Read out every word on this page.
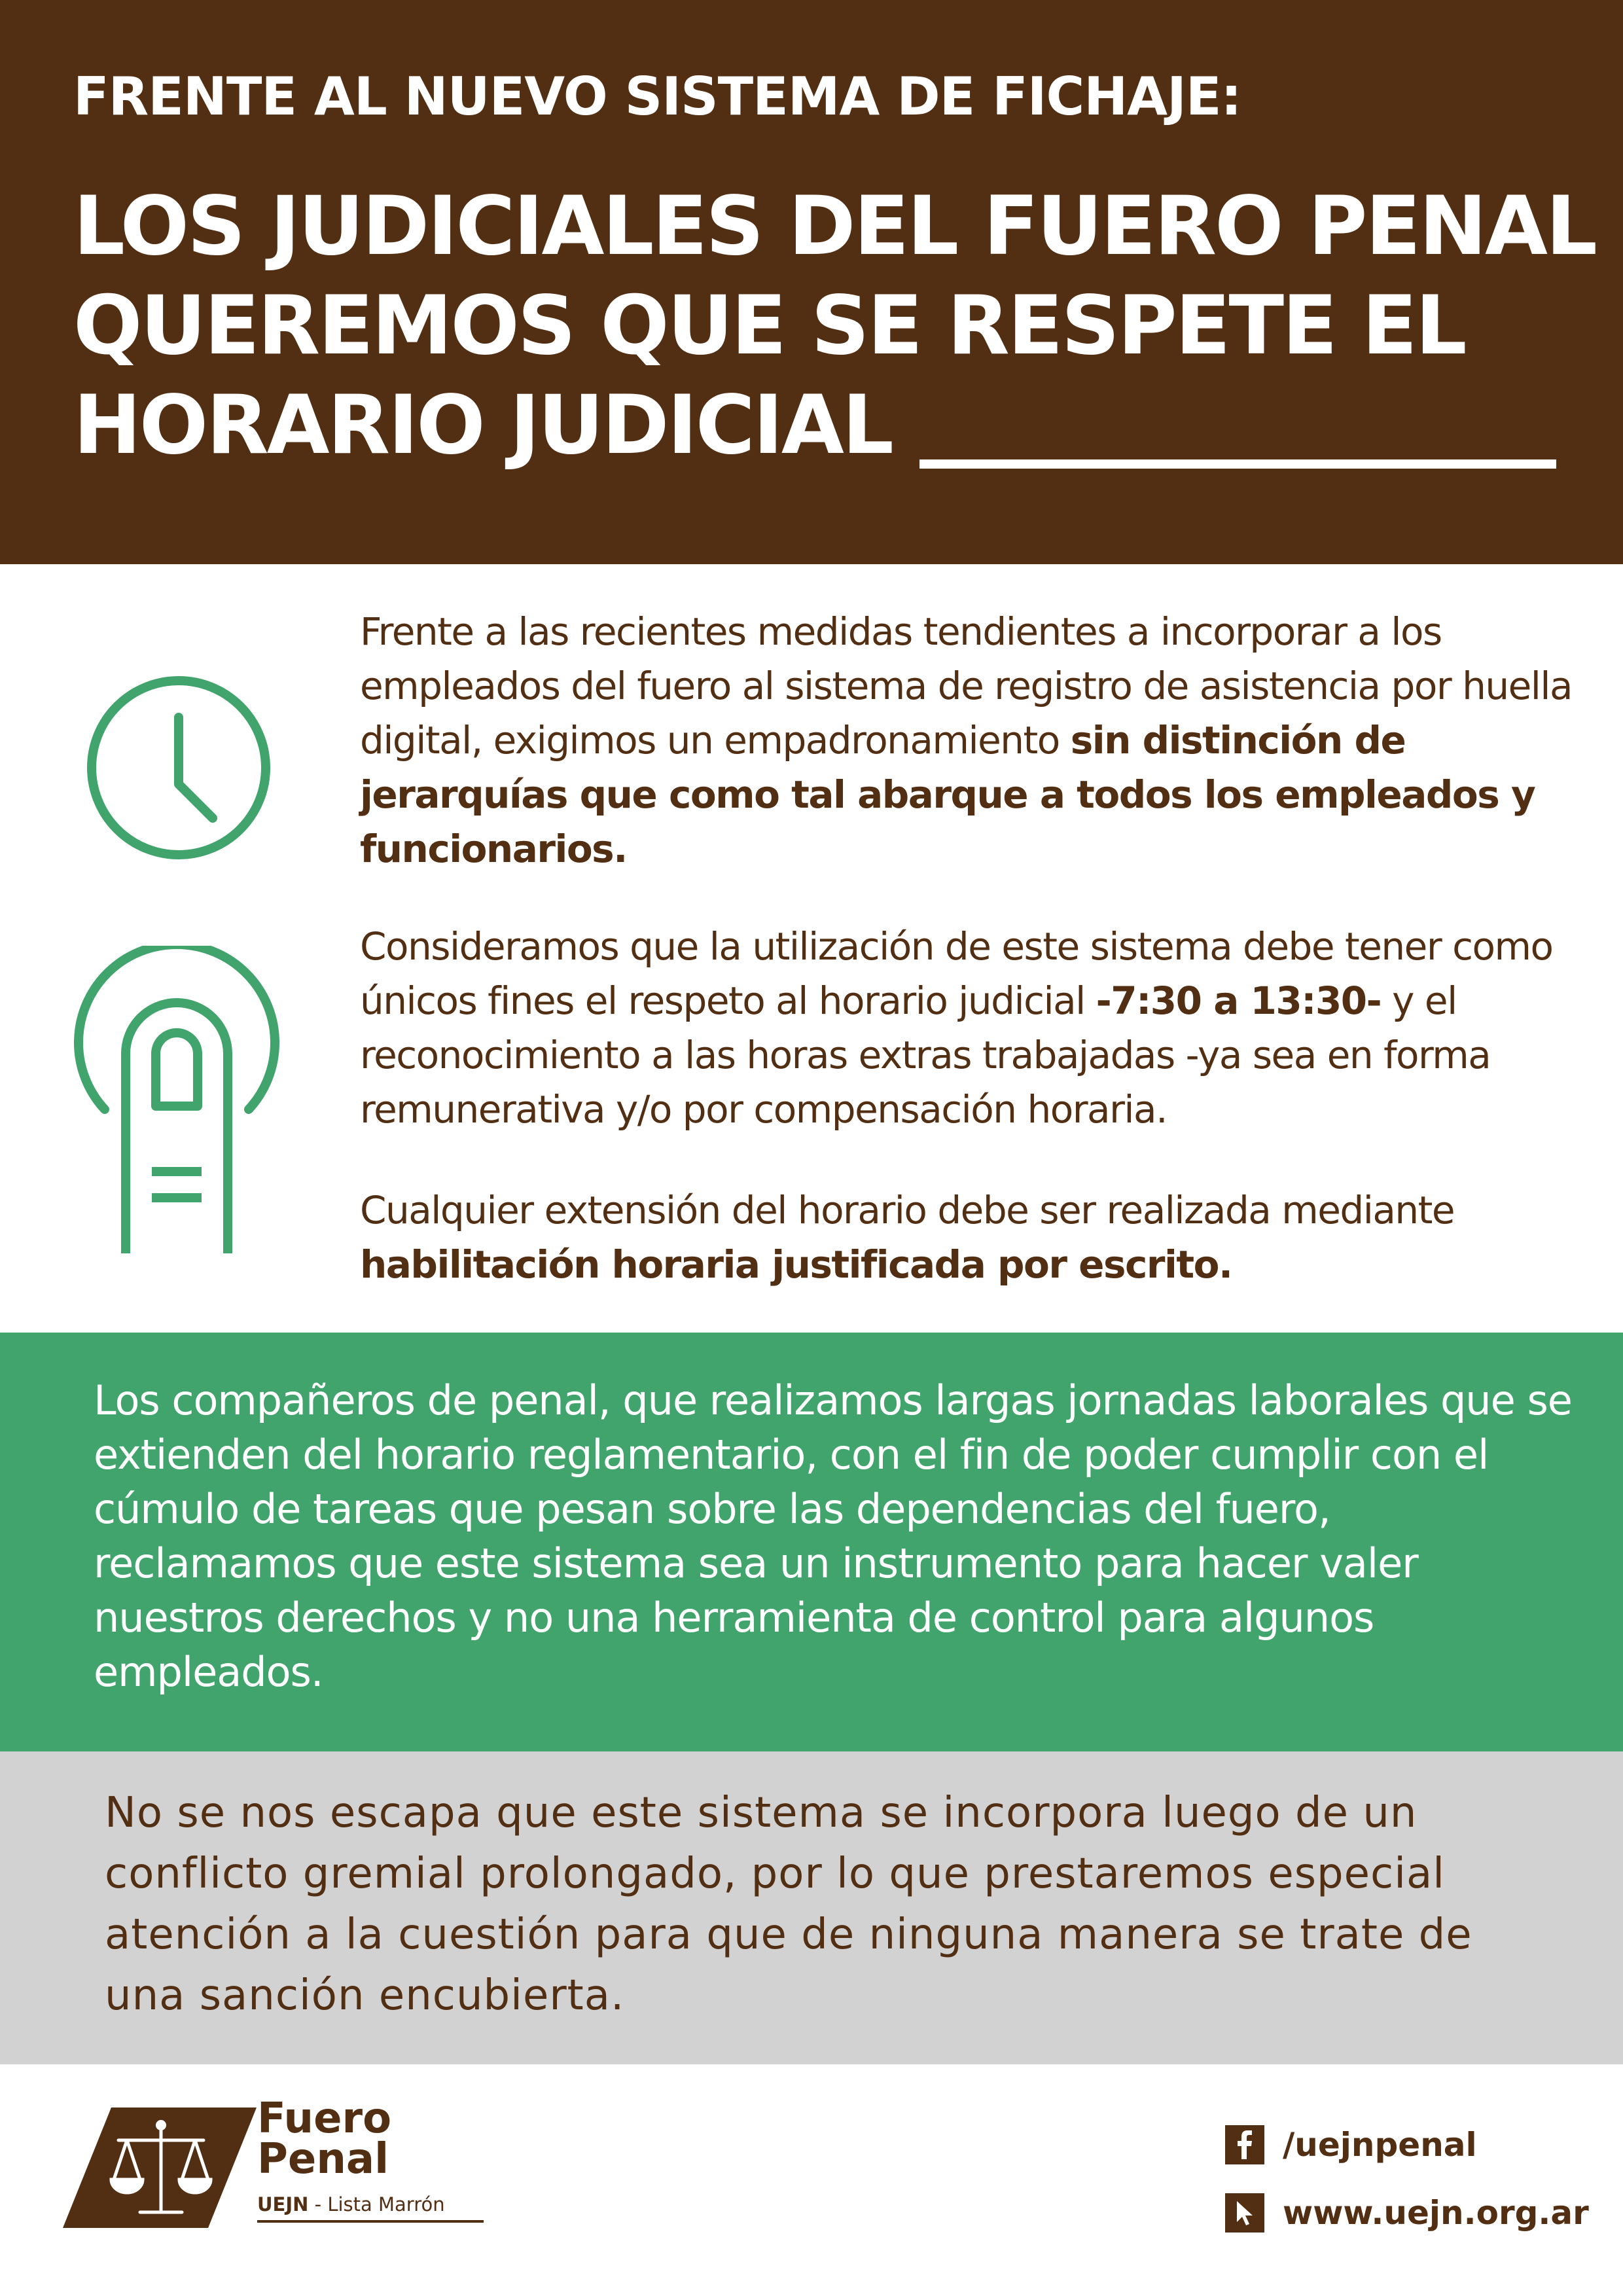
FRENTE AL NUEVO SISTEMA DE FICHAJE:
LOS JUDICIALES DEL FUERO PENAL
QUEREMOS QUE SE RESPETE EL
HORARIO JUDICIAL
Frente a las recientes medidas tendientes a incorporar a los empleados del fuero al sistema de registro de asistencia por huella digital, exigimos un empadronamiento sin distinción de jerarquías que como tal abarque a todos los empleados y funcionarios.
Consideramos que la utilización de este sistema debe tener como únicos fines el respeto al horario judicial -7:30 a 13:30- y el reconocimiento a las horas extras trabajadas -ya sea en forma remunerativa y/o por compensación horaria.
Cualquier extensión del horario debe ser realizada mediante habilitación horaria justificada por escrito.
Los compañeros de penal, que realizamos largas jornadas laborales que se extienden del horario reglamentario, con el fin de poder cumplir con el cúmulo de tareas que pesan sobre las dependencias del fuero, reclamamos que este sistema sea un instrumento para hacer valer nuestros derechos y no una herramienta de control para algunos empleados.
No se nos escapa que este sistema se incorpora luego de un conflicto gremial prolongado, por lo que prestaremos especial atención a la cuestión para que de ninguna manera se trate de una sanción encubierta.
Fuero
Penal
UEJN - Lista Marrón
/uejnpenal
www.uejn.org.ar
